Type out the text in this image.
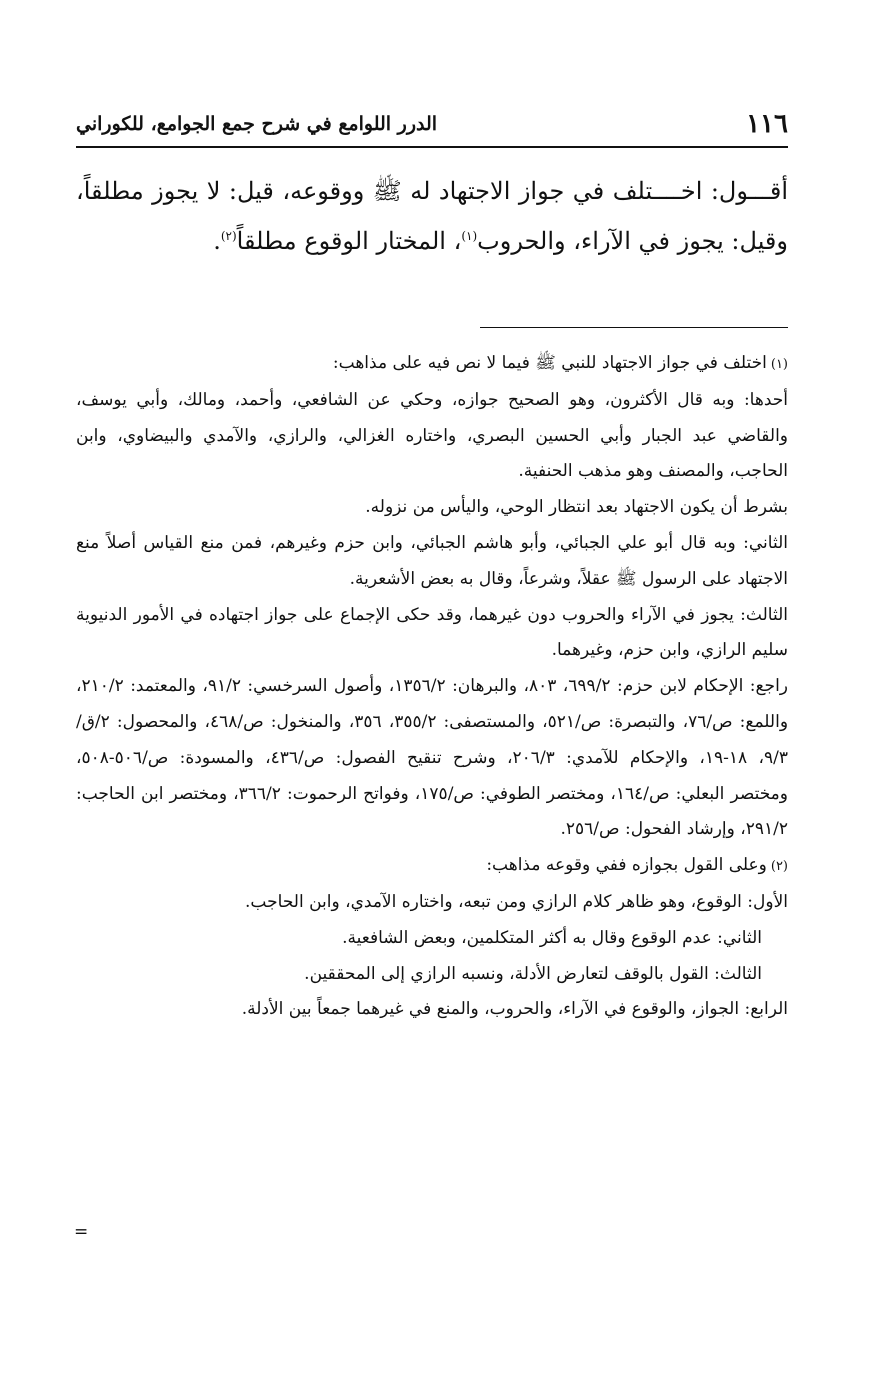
١١٦
الدرر اللوامع في شرح جمع الجوامع، للكوراني

أقـــول: اخــــتلف في جواز الاجتهاد له ﷺ ووقوعه، قيل: لا يجوز مطلقاً، وقيل: يجوز في الآراء، والحروب$^{(١)}$، المختار الوقوع مطلقاً$^{(٢)}$.

(١)اختلف في جواز الاجتهاد للنبي ﷺ فيما لا نص فيه على مذاهب:

أحدها: وبه قال الأكثرون، وهو الصحيح جوازه، وحكي عن الشافعي، وأحمد، ومالك، وأبي يوسف، والقاضي عبد الجبار وأبي الحسين البصري، واختاره الغزالي، والرازي، والآمدي والبيضاوي، وابن الحاجب، والمصنف وهو مذهب الحنفية.

بشرط أن يكون الاجتهاد بعد انتظار الوحي، واليأس من نزوله.

الثاني: وبه قال أبو علي الجبائي، وأبو هاشم الجبائي، وابن حزم وغيرهم، فمن منع القياس أصلاً منع الاجتهاد على الرسول ﷺ عقلاً، وشرعاً، وقال به بعض الأشعرية.

الثالث: يجوز في الآراء والحروب دون غيرهما، وقد حكى الإجماع على جواز اجتهاده في الأمور الدنيوية سليم الرازي، وابن حزم، وغيرهما.

راجع: الإحكام لابن حزم: ٦٩٩/٢، ٨٠٣، والبرهان: ١٣٥٦/٢، وأصول السرخسي: ٩١/٢، والمعتمد: ٢١٠/٢، واللمع: ص/٧٦، والتبصرة: ص/٥٢١، والمستصفى: ٣٥٥/٢، ٣٥٦، والمنخول: ص/٤٦٨، والمحصول: ٢/ق/٩/٣، ١٨-١٩، والإحكام للآمدي: ٢٠٦/٣، وشرح تنقيح الفصول: ص/٤٣٦، والمسودة: ص/٥٠٦-٥٠٨، ومختصر البعلي: ص/١٦٤، ومختصر الطوفي: ص/١٧٥، وفواتح الرحموت: ٣٦٦/٢، ومختصر ابن الحاجب: ٢٩١/٢، وإرشاد الفحول: ص/٢٥٦.

(٢)وعلى القول بجوازه ففي وقوعه مذاهب:

الأول: الوقوع، وهو ظاهر كلام الرازي ومن تبعه، واختاره الآمدي، وابن الحاجب.

الثاني: عدم الوقوع وقال به أكثر المتكلمين، وبعض الشافعية.

الثالث: القول بالوقف لتعارض الأدلة، ونسبه الرازي إلى المحققين.

الرابع: الجواز، والوقوع في الآراء، والحروب، والمنع في غيرهما جمعاً بين الأدلة.

=
